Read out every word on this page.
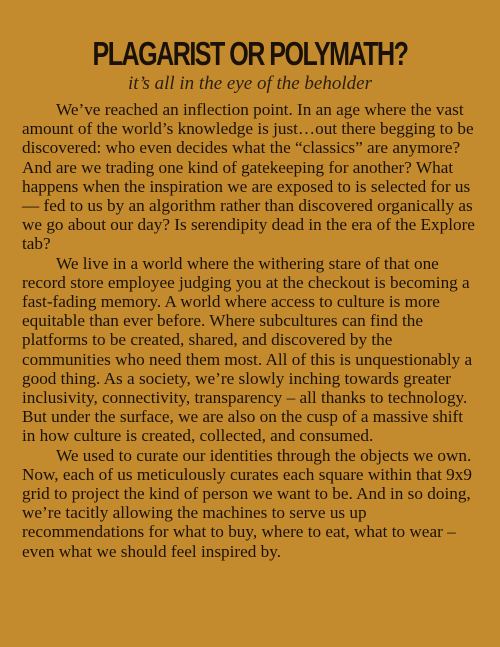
PLAGARIST OR POLYMATH?
it’s all in the eye of the beholder

We’ve reached an inflection point. In an age where the vast amount of the world’s knowledge is just…out there begging to be discovered: who even decides what the “classics” are anymore? And are we trading one kind of gatekeeping for another? What happens when the inspiration we are exposed to is selected for us — fed to us by an algorithm rather than discovered organically as we go about our day? Is serendipity dead in the era of the Explore tab?

We live in a world where the withering stare of that one record store employee judging you at the checkout is becoming a fast-fading memory. A world where access to culture is more equitable than ever before. Where subcultures can find the platforms to be created, shared, and discovered by the communities who need them most. All of this is unquestionably a good thing. As a society, we’re slowly inching towards greater inclusivity, connectivity, transparency – all thanks to technology. But under the surface, we are also on the cusp of a massive shift in how culture is created, collected, and consumed.

We used to curate our identities through the objects we own. Now, each of us meticulously curates each square within that 9x9 grid to project the kind of person we want to be. And in so doing, we’re tacitly allowing the machines to serve us up recommendations for what to buy, where to eat, what to wear – even what we should feel inspired by.
